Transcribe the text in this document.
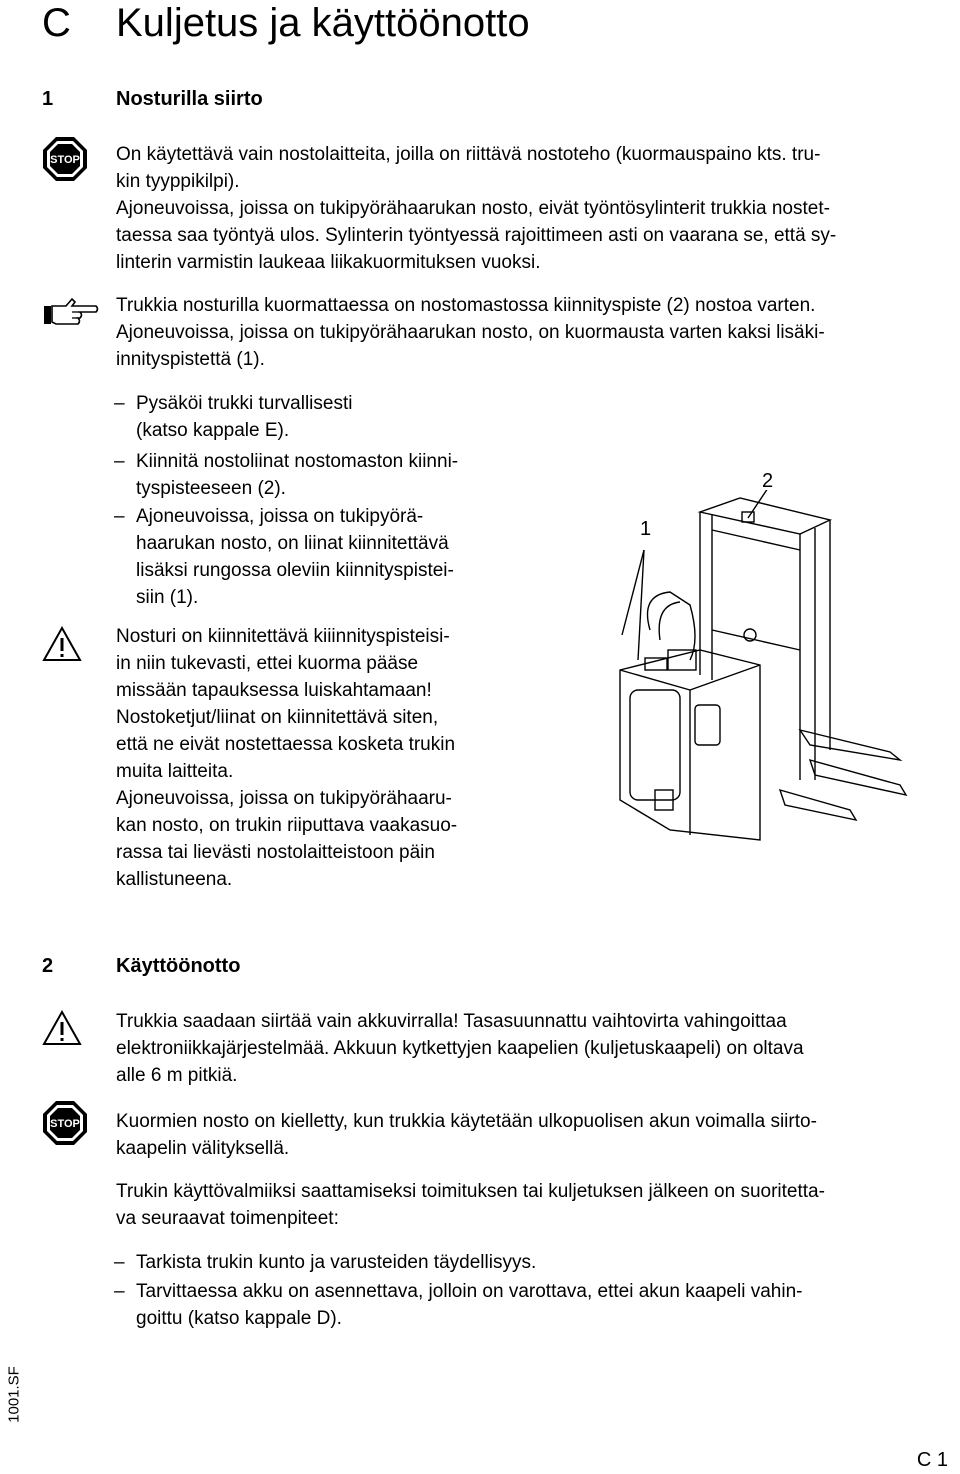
C Kuljetus ja käyttöönotto
1	Nosturilla siirto
STOP On käytettävä vain nostolaitteita, joilla on riittävä nostoteho (kuormauspaino kts. tru-
kin tyyppikilpi).
Ajoneuvoissa, joissa on tukipyörähaarukan nosto, eivät työntösylinterit trukkia nostet-
taessa saa työntyä ulos. Sylinterin työntyessä rajoittimeen asti on vaarana se, että sy-
linterin varmistin laukeaa liikakuormituksen vuoksi.
Trukkia nosturilla kuormattaessa on nostomastossa kiinnityspiste (2) nostoa varten.
Ajoneuvoissa, joissa on tukipyörähaarukan nosto, on kuormausta varten kaksi lisäki-
innityspistettä (1).
– Pysäköi trukki turvallisesti
(katso kappale E).
– Kiinnitä nostoliinat nostomaston kiinni-
tyspisteeseen (2).
– Ajoneuvoissa, joissa on tukipyörä-
haarukan nosto, on liinat kiinnitettävä
lisäksi rungossa oleviin kiinnityspistei-
siin (1).
Nosturi on kiinnitettävä kiiinnityspisteisi-
in niin tukevasti, ettei kuorma pääse
missään tapauksessa luiskahtamaan!
Nostoketjut/liinat on kiinnitettävä siten,
että ne eivät nostettaessa kosketa trukin
muita laitteita.
Ajoneuvoissa, joissa on tukipyörähaaru-
kan nosto, on trukin riiputtava vaakasuo-
rassa tai lievästi nostolaitteistoon päin
kallistuneena.
2
1
2	Käyttöönotto
Trukkia saadaan siirtää vain akkuvirralla! Tasasuunnattu vaihtovirta vahingoittaa
elektroniikkajärjestelmää. Akkuun kytkettyjen kaapelien (kuljetuskaapeli) on oltava
alle 6 m pitkiä.
STOP Kuormien nosto on kielletty, kun trukkia käytetään ulkopuolisen akun voimalla siirto-
kaapelin välityksellä.
Trukin käyttövalmiiksi saattamiseksi toimituksen tai kuljetuksen jälkeen on suoritetta-
va seuraavat toimenpiteet:
– Tarkista trukin kunto ja varusteiden täydellisyys.
– Tarvittaessa akku on asennettava, jolloin on varottava, ettei akun kaapeli vahin-
goittu (katso kappale D).
1001.SF
C 1
